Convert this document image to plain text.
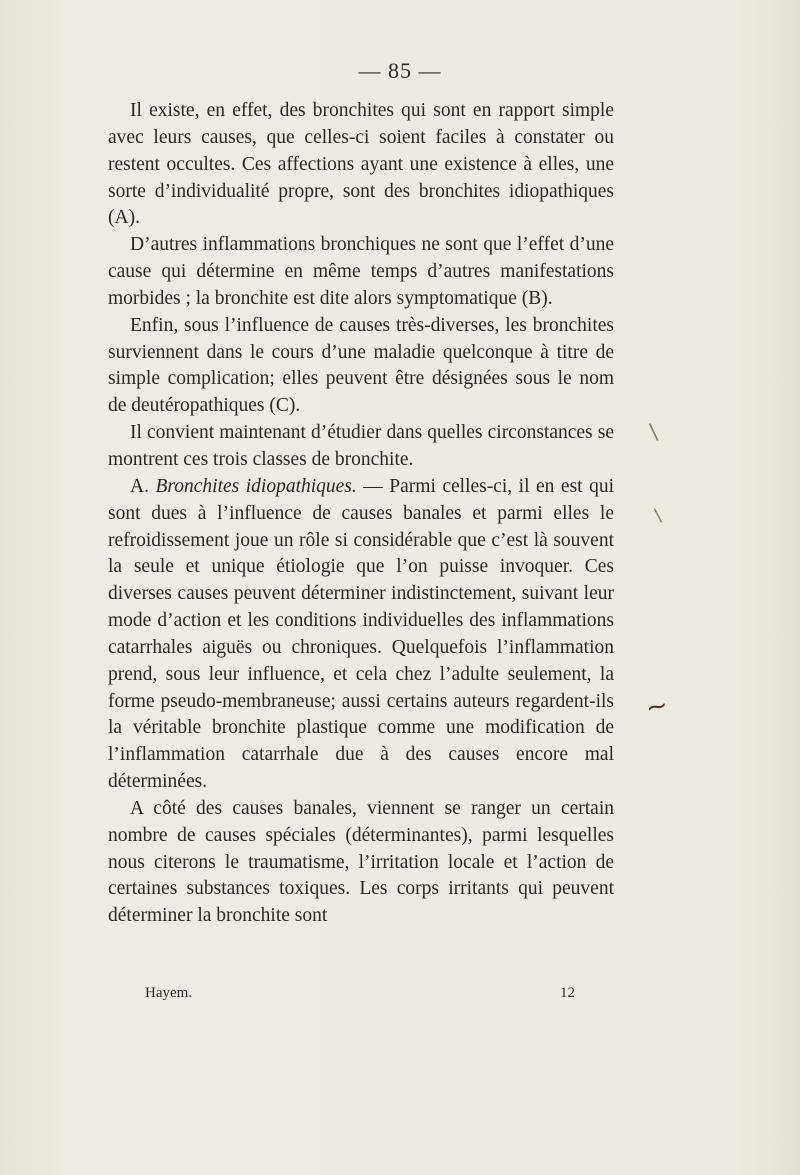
— 85 —

Il existe, en effet, des bronchites qui sont en rapport simple avec leurs causes, que celles-ci soient faciles à constater ou restent occultes. Ces affections ayant une existence à elles, une sorte d’individualité propre, sont des bronchites idiopathiques (A).

D’autres inflammations bronchiques ne sont que l’effet d’une cause qui détermine en même temps d’autres manifestations morbides ; la bronchite est dite alors symptomatique (B).

Enfin, sous l’influence de causes très-diverses, les bronchites surviennent dans le cours d’une maladie quelconque à titre de simple complication; elles peuvent être désignées sous le nom de deutéropathiques (C).

Il convient maintenant d’étudier dans quelles circonstances se montrent ces trois classes de bronchite.

A. Bronchites idiopathiques. — Parmi celles-ci, il en est qui sont dues à l’influence de causes banales et parmi elles le refroidissement joue un rôle si considérable que c’est là souvent la seule et unique étiologie que l’on puisse invoquer. Ces diverses causes peuvent déterminer indistinctement, suivant leur mode d’action et les conditions individuelles des inflammations catarrhales aiguës ou chroniques. Quelquefois l’inflammation prend, sous leur influence, et cela chez l’adulte seulement, la forme pseudo-membraneuse; aussi certains auteurs regardent-ils la véritable bronchite plastique comme une modification de l’inflammation catarrhale due à des causes encore mal déterminées.

A côté des causes banales, viennent se ranger un certain nombre de causes spéciales (déterminantes), parmi lesquelles nous citerons le traumatisme, l’irritation locale et l’action de certaines substances toxiques. Les corps irritants qui peuvent déterminer la bronchite sont

Hayem.	12
\
\
~
